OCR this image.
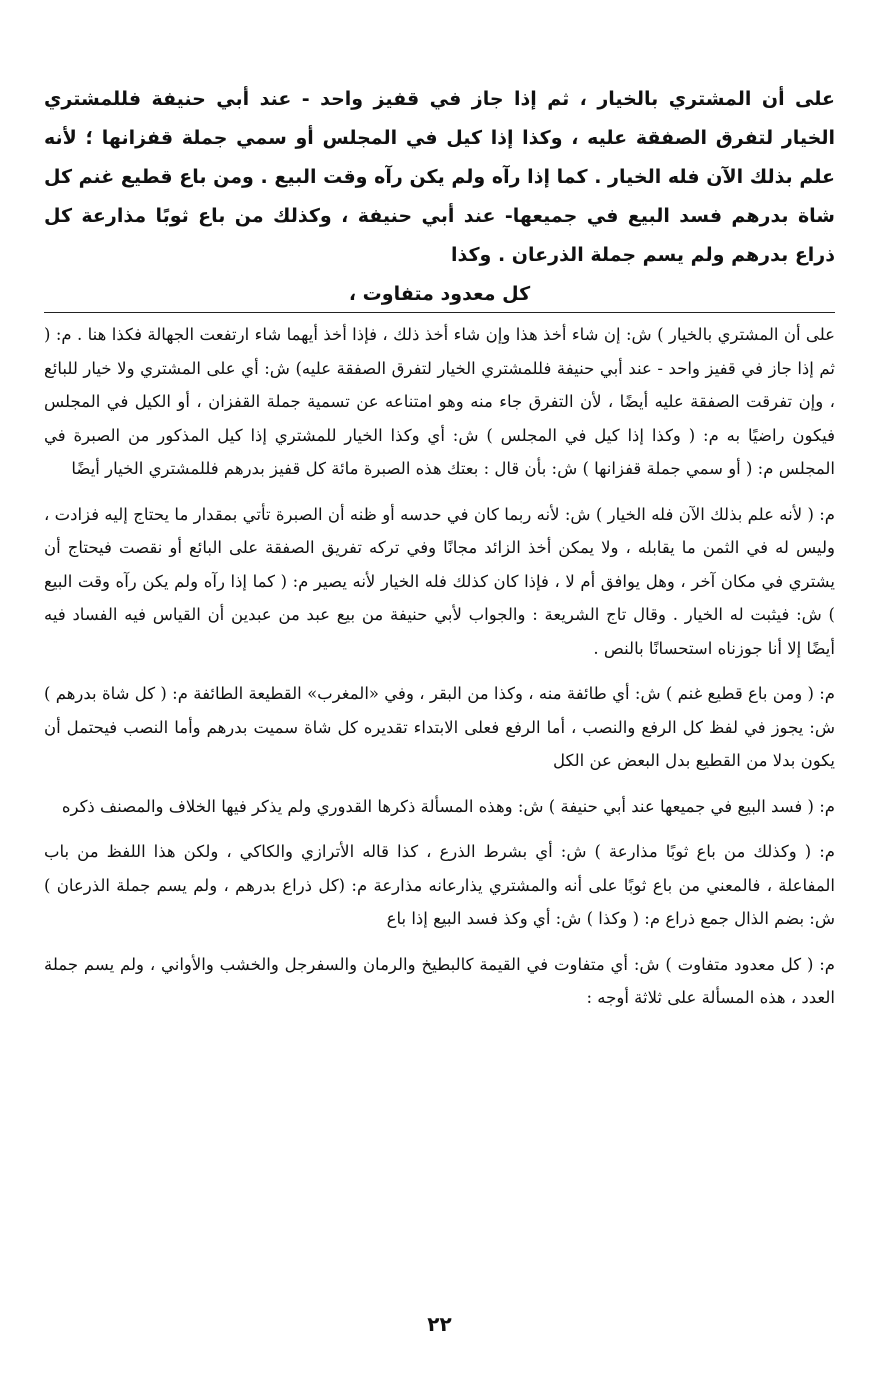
على أن المشتري بالخيار ، ثم إذا جاز في قفيز واحد - عند أبي حنيفة فللمشتري الخيار لتفرق الصفقة عليه ، وكذا إذا كيل في المجلس أو سمي جملة قفزانها ؛ لأنه علم بذلك الآن فله الخيار . كما إذا رآه ولم يكن رآه وقت البيع . ومن باع قطيع غنم كل شاة بدرهم فسد البيع في جميعها- عند أبي حنيفة ، وكذلك من باع ثوبًا مذارعة كل ذراع بدرهم ولم يسم جملة الذرعان . وكذا
كل معدود متفاوت ،

على أن المشتري بالخيار ) ش: إن شاء أخذ هذا وإن شاء أخذ ذلك ، فإذا أخذ أيهما شاء ارتفعت الجهالة فكذا هنا . م: ( ثم إذا جاز في قفيز واحد - عند أبي حنيفة فللمشتري الخيار لتفرق الصفقة عليه) ش: أي على المشتري ولا خيار للبائع ، وإن تفرقت الصفقة عليه أيضًا ، لأن التفرق جاء منه وهو امتناعه عن تسمية جملة القفزان ، أو الكيل في المجلس فيكون راضيًا به م: ( وكذا إذا كيل في المجلس ) ش: أي وكذا الخيار للمشتري إذا كيل المذكور من الصبرة في المجلس م: ( أو سمي جملة قفزانها ) ش: بأن قال : بعتك هذه الصبرة مائة كل قفيز بدرهم فللمشتري الخيار أيضًا

م: ( لأنه علم بذلك الآن فله الخيار ) ش: لأنه ربما كان في حدسه أو ظنه أن الصبرة تأتي بمقدار ما يحتاج إليه فزادت ، وليس له في الثمن ما يقابله ، ولا يمكن أخذ الزائد مجانًا وفي تركه تفريق الصفقة على البائع أو نقصت فيحتاج أن يشتري في مكان آخر ، وهل يوافق أم لا ، فإذا كان كذلك فله الخيار لأنه يصير م: ( كما إذا رآه ولم يكن رآه وقت البيع ) ش: فيثبت له الخيار . وقال تاج الشريعة : والجواب لأبي حنيفة من بيع عبد من عبدين أن القياس فيه الفساد فيه أيضًا إلا أنا جوزناه استحسانًا بالنص .

م: ( ومن باع قطيع غنم ) ش: أي طائفة منه ، وكذا من البقر ، وفي «المغرب» القطيعة الطائفة م: ( كل شاة بدرهم ) ش: يجوز في لفظ كل الرفع والنصب ، أما الرفع فعلى الابتداء تقديره كل شاة سميت بدرهم وأما النصب فيحتمل أن يكون بدلا من القطيع بدل البعض عن الكل

م: ( فسد البيع في جميعها عند أبي حنيفة ) ش: وهذه المسألة ذكرها القدوري ولم يذكر فيها الخلاف والمصنف ذكره

م: ( وكذلك من باع ثوبًا مذارعة ) ش: أي بشرط الذرع ، كذا قاله الأترازي والكاكي ، ولكن هذا اللفظ من باب المفاعلة ، فالمعني من باع ثوبًا على أنه والمشتري يذارعانه مذارعة م: (كل ذراع بدرهم ، ولم يسم جملة الذرعان ) ش: بضم الذال جمع ذراع م: ( وكذا ) ش: أي وكذ فسد البيع إذا باع

م: ( كل معدود متفاوت ) ش: أي متفاوت في القيمة كالبطيخ والرمان والسفرجل والخشب والأواني ، ولم يسم جملة العدد ، هذه المسألة على ثلاثة أوجه :

٢٢
